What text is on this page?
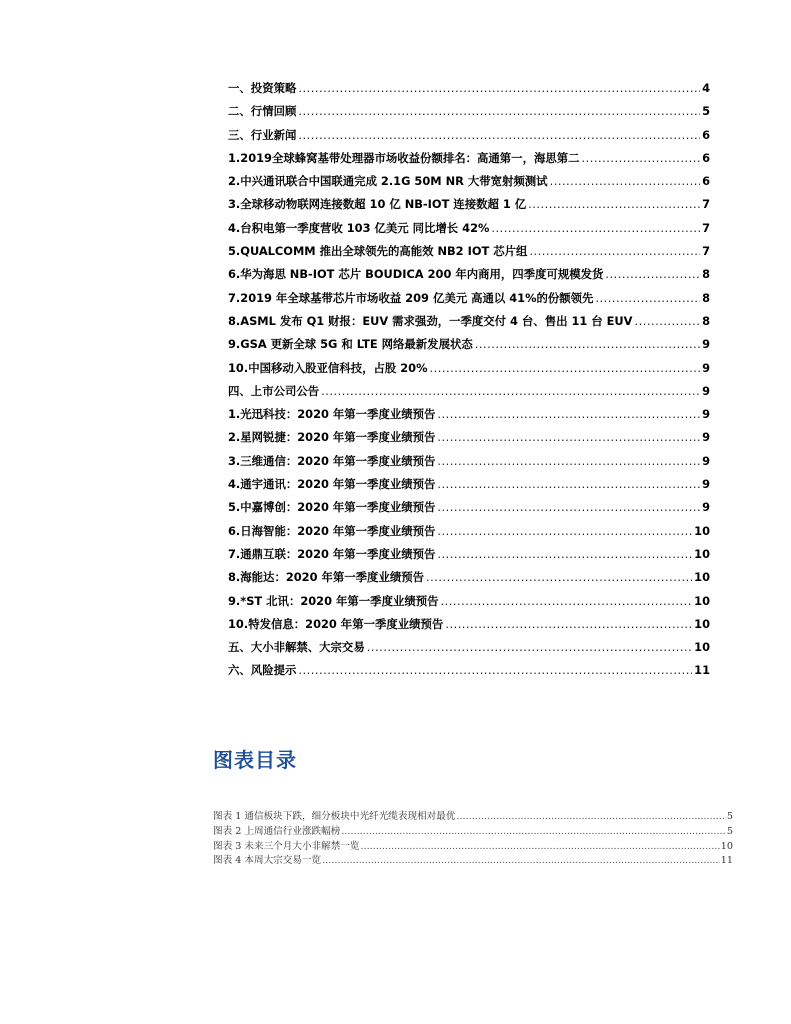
一、 投资策略 .....	4
二、 行情回顾 .....	5
三、 行业新闻 .....	6
1. 2019全球蜂窝基带处理器市场收益份额排名：高通第一，海思第二 .....	6
2. 中兴通讯联合中国联通完成 2.1G 50M NR 大带宽射频测试 .....	6
3. 全球移动物联网连接数超 10 亿 NB-IOT 连接数超 1 亿 .....	7
4. 台积电第一季度营收 103 亿美元 同比增长 42% .....	7
5. QUALCOMM 推出全球领先的高能效 NB2 IOT 芯片组 .....	7
6. 华为海思 NB-IOT 芯片 BOUDICA 200 年内商用，四季度可规模发货 .....	8
7. 2019 年全球基带芯片市场收益 209 亿美元 高通以 41%的份额领先 .....	8
8. ASML 发布 Q1 财报：EUV 需求强劲，一季度交付 4 台、售出 11 台 EUV .....	8
9. GSA 更新全球 5G 和 LTE 网络最新发展状态 .....	9
10. 中国移动入股亚信科技，占股 20% .....	9
四、 上市公司公告 .....	9
1. 光迅科技：2020 年第一季度业绩预告 .....	9
2. 星网锐捷：2020 年第一季度业绩预告 .....	9
3. 三维通信：2020 年第一季度业绩预告 .....	9
4. 通宇通讯：2020 年第一季度业绩预告 .....	9
5. 中嘉博创：2020 年第一季度业绩预告 .....	9
6. 日海智能：2020 年第一季度业绩预告 .....	10
7. 通鼎互联：2020 年第一季度业绩预告 .....	10
8. 海能达：2020 年第一季度业绩预告 .....	10
9. *ST 北讯：2020 年第一季度业绩预告 .....	10
10. 特发信息：2020 年第一季度业绩预告 .....	10
五、 大小非解禁、大宗交易 .....	10
六、 风险提示 .....	11
图表目录
图表 1 通信板块下跌，细分板块中光纤光缆表现相对最优 .....	5
图表 2 上周通信行业涨跌幅榜 .....	5
图表 3 未来三个月大小非解禁一览 .....	10
图表 4 本周大宗交易一览 .....	11
